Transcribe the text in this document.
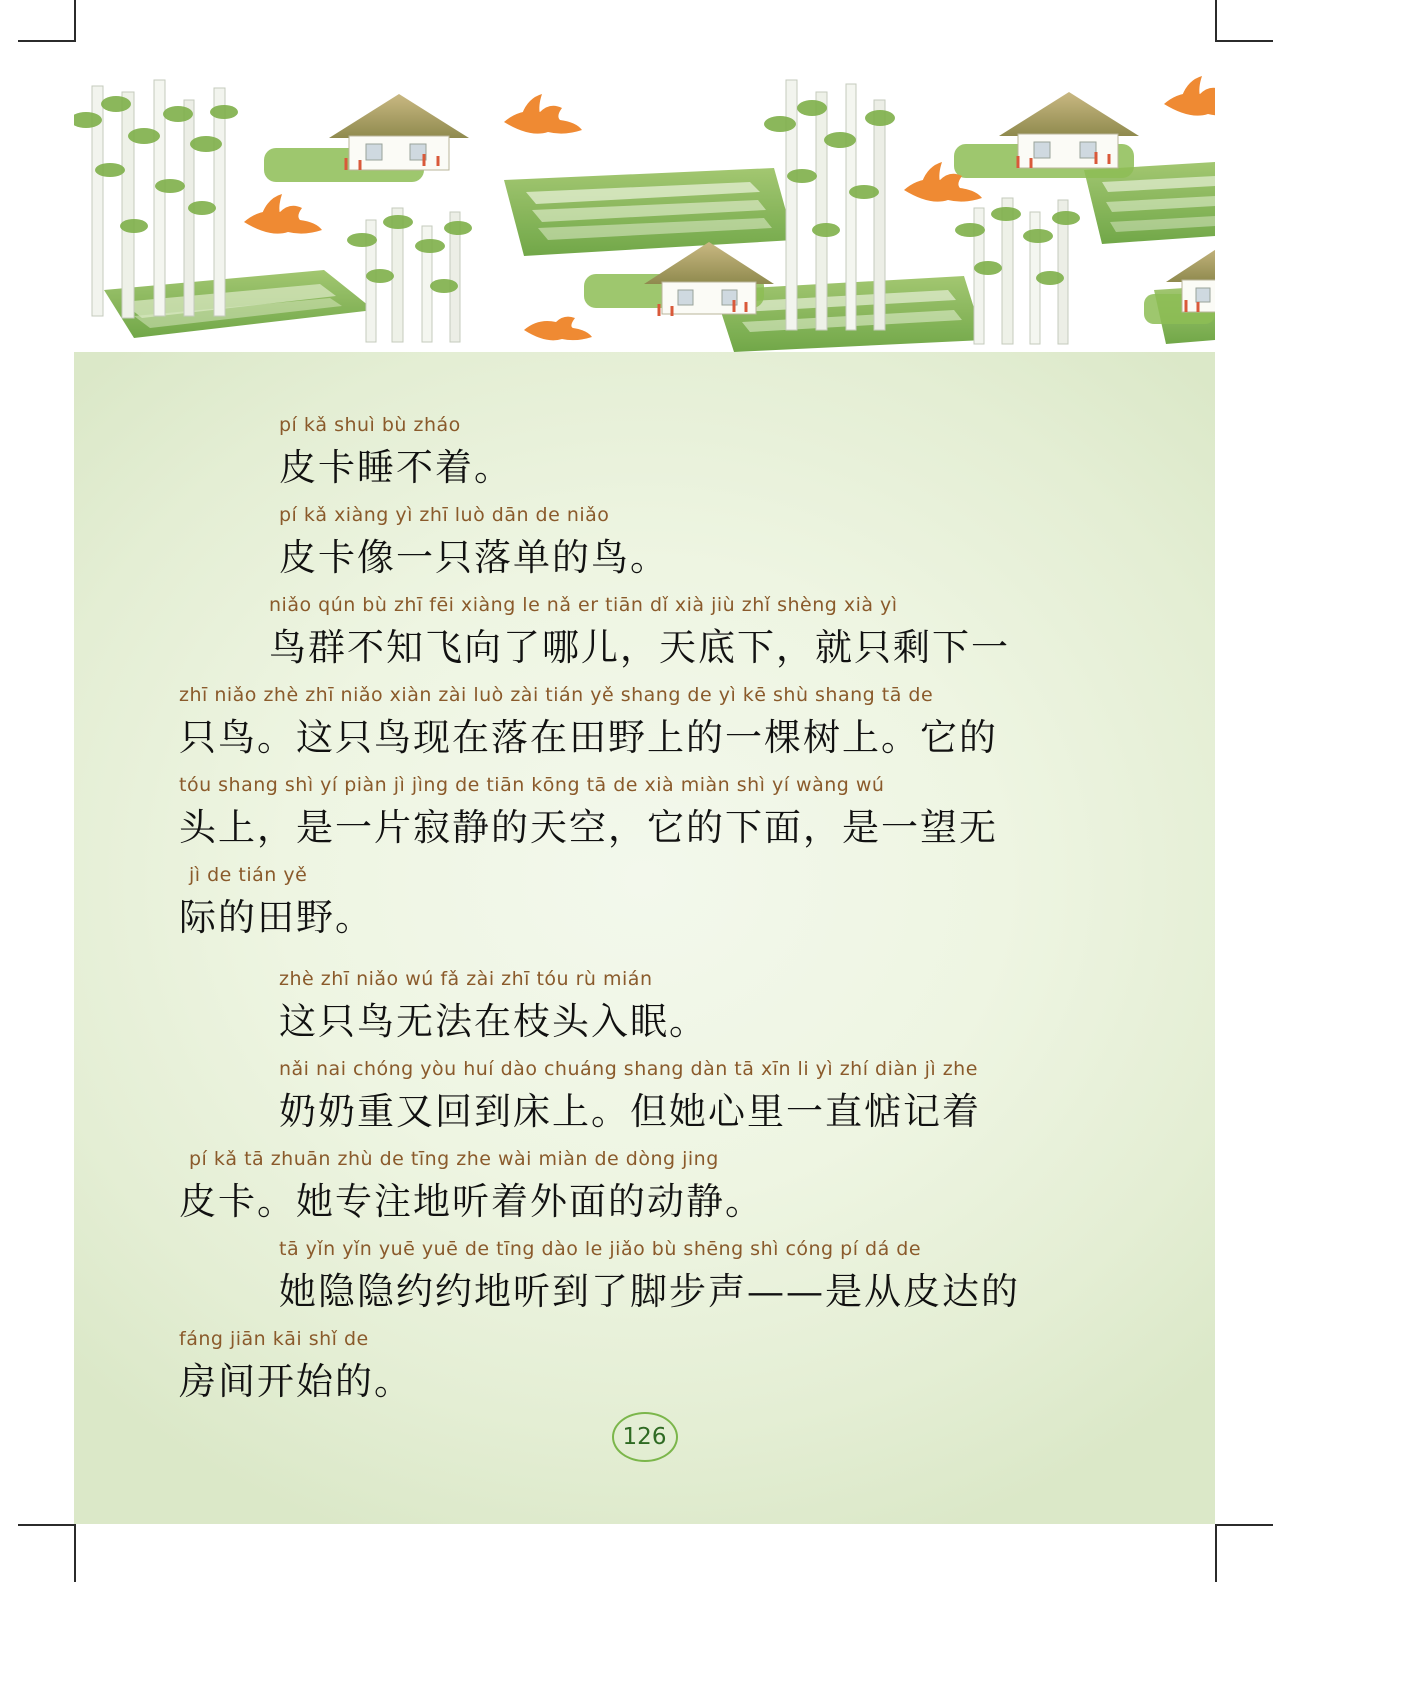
pí kǎ shuì bù zháo
皮卡睡不着。
pí kǎ xiàng yì zhī luò dān de niǎo
皮卡像一只落单的鸟。
niǎo qún bù zhī fēi xiàng le nǎ er tiān dǐ xià jiù zhǐ shèng xià yì
鸟群不知飞向了哪儿，天底下，就只剩下一
zhī niǎo zhè zhī niǎo xiàn zài luò zài tián yě shang de yì kē shù shang tā de
只鸟。这只鸟现在落在田野上的一棵树上。它的
tóu shang shì yí piàn jì jìng de tiān kōng tā de xià miàn shì yí wàng wú
头上，是一片寂静的天空，它的下面，是一望无
jì de tián yě
际的田野。
zhè zhī niǎo wú fǎ zài zhī tóu rù mián
这只鸟无法在枝头入眠。
nǎi nai chóng yòu huí dào chuáng shang dàn tā xīn li yì zhí diàn jì zhe
奶奶重又回到床上。但她心里一直惦记着
pí kǎ tā zhuān zhù de tīng zhe wài miàn de dòng jing
皮卡。她专注地听着外面的动静。
tā yǐn yǐn yuē yuē de tīng dào le jiǎo bù shēng shì cóng pí dá de
她隐隐约约地听到了脚步声——是从皮达的
fáng jiān kāi shǐ de
房间开始的。
126
